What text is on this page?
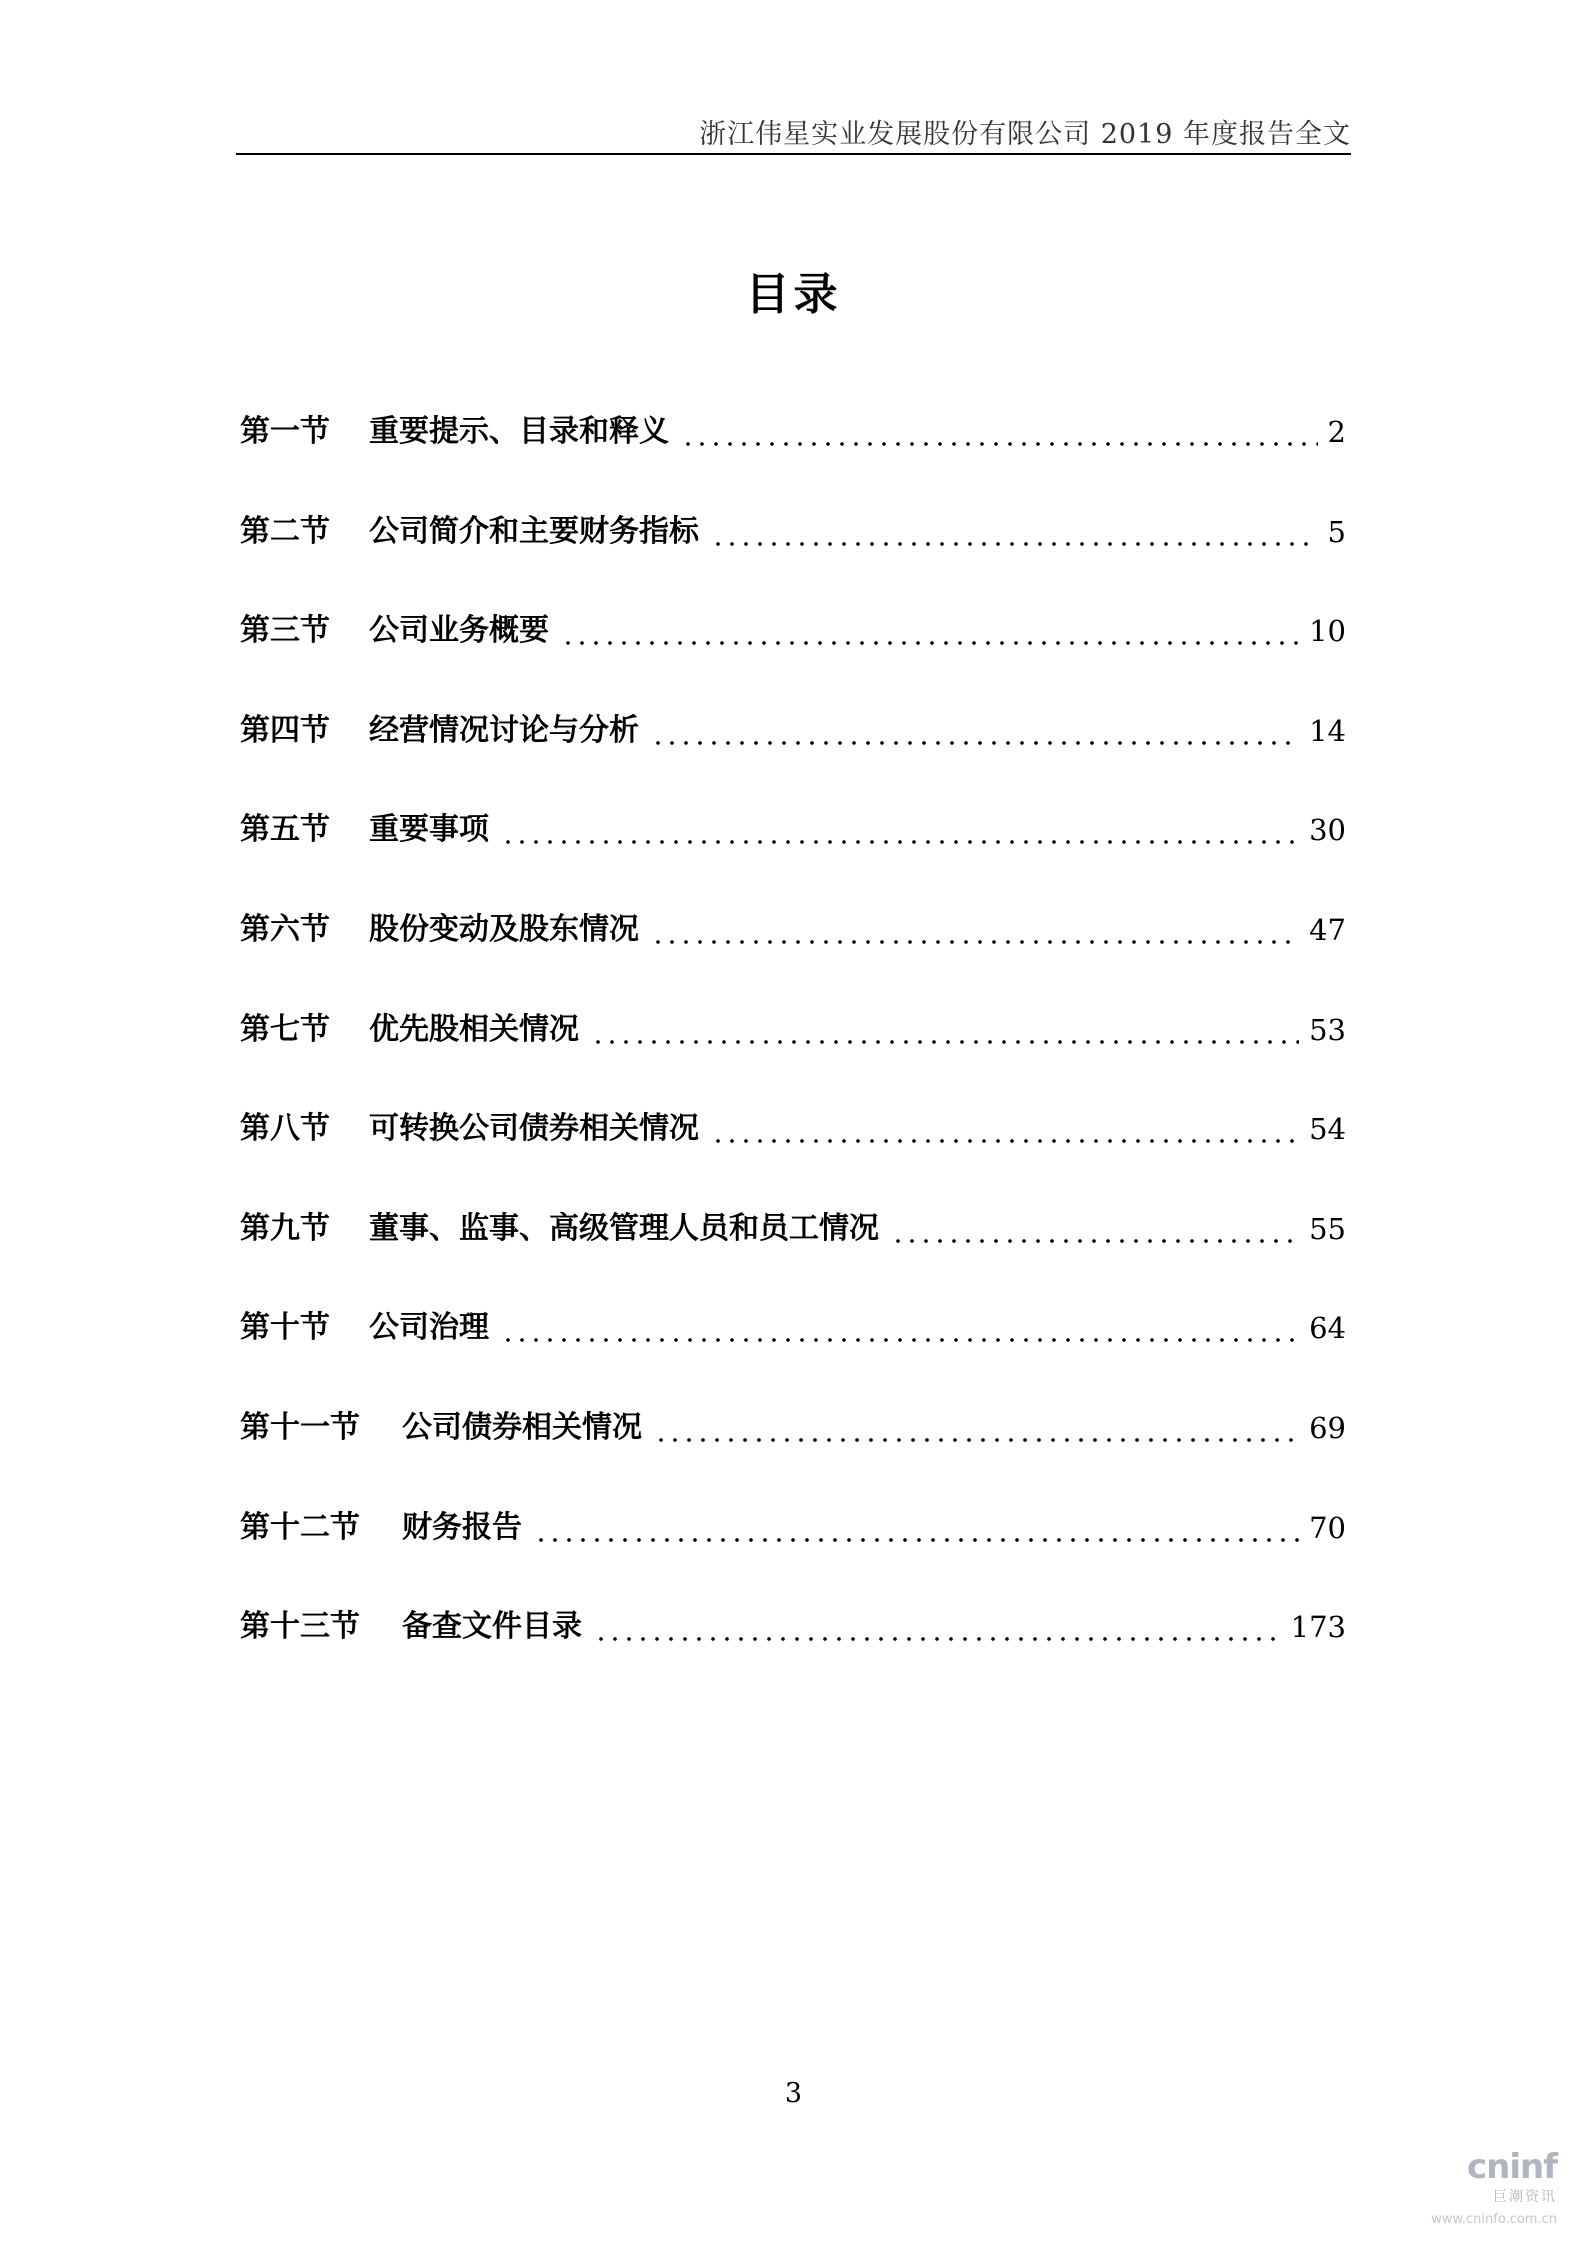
浙江伟星实业发展股份有限公司 2019 年度报告全文
目录
第一节	重要提示、目录和释义	2
第二节	公司简介和主要财务指标	5
第三节	公司业务概要	10
第四节	经营情况讨论与分析	14
第五节	重要事项	30
第六节	股份变动及股东情况	47
第七节	优先股相关情况	53
第八节	可转换公司债券相关情况	54
第九节	董事、监事、高级管理人员和员工情况	55
第十节	公司治理	64
第十一节	公司债券相关情况	69
第十二节	财务报告	70
第十三节	备查文件目录	173
3
cninf
巨潮资讯
www.cninfo.com.cn
